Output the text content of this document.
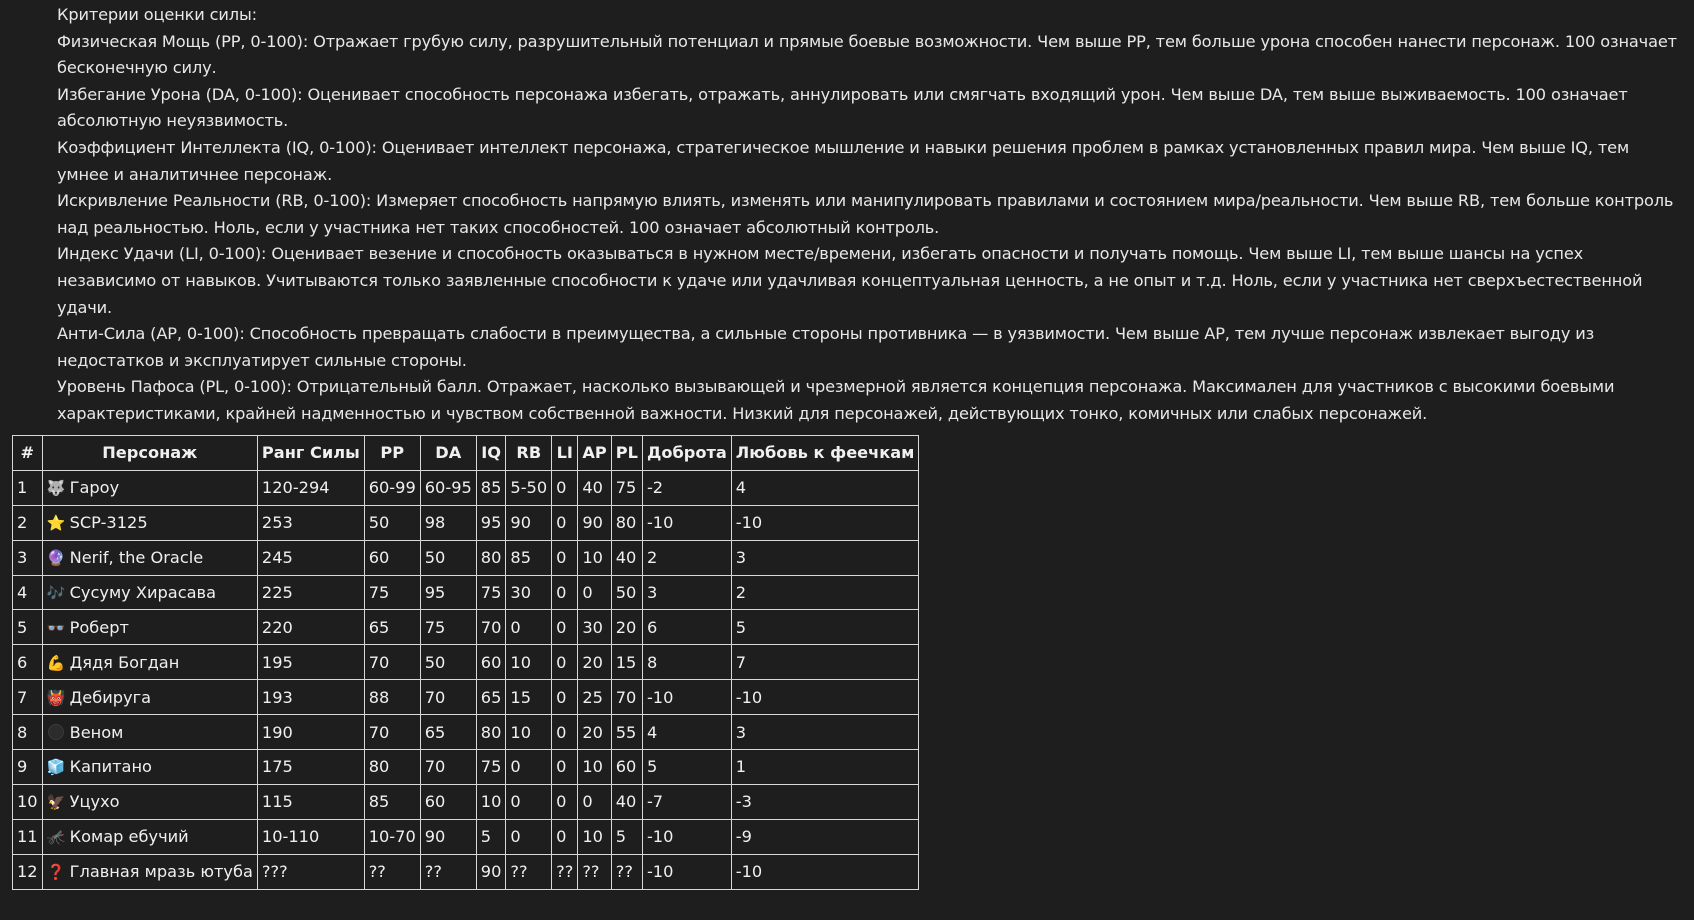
Критерии оценки силы:

Физическая Мощь (PP, 0-100): Отражает грубую силу, разрушительный потенциал и прямые боевые возможности. Чем выше PP, тем больше урона способен нанести персонаж. 100 означает бесконечную силу.

Избегание Урона (DA, 0-100): Оценивает способность персонажа избегать, отражать, аннулировать или смягчать входящий урон. Чем выше DA, тем выше выживаемость. 100 означает абсолютную неуязвимость.

Коэффициент Интеллекта (IQ, 0-100): Оценивает интеллект персонажа, стратегическое мышление и навыки решения проблем в рамках установленных правил мира. Чем выше IQ, тем умнее и аналитичнее персонаж.

Искривление Реальности (RB, 0-100): Измеряет способность напрямую влиять, изменять или манипулировать правилами и состоянием мира/реальности. Чем выше RB, тем больше контроль над реальностью. Ноль, если у участника нет таких способностей. 100 означает абсолютный контроль.

Индекс Удачи (LI, 0-100): Оценивает везение и способность оказываться в нужном месте/времени, избегать опасности и получать помощь. Чем выше LI, тем выше шансы на успех независимо от навыков. Учитываются только заявленные способности к удаче или удачливая концептуальная ценность, а не опыт и т.д. Ноль, если у участника нет сверхъестественной удачи.

Анти-Сила (AP, 0-100): Способность превращать слабости в преимущества, а сильные стороны противника — в уязвимости. Чем выше AP, тем лучше персонаж извлекает выгоду из недостатков и эксплуатирует сильные стороны.

Уровень Пафоса (PL, 0-100): Отрицательный балл. Отражает, насколько вызывающей и чрезмерной является концепция персонажа. Максимален для участников с высокими боевыми характеристиками, крайней надменностью и чувством собственной важности. Низкий для персонажей, действующих тонко, комичных или слабых персонажей.

#	Персонаж	Ранг Силы	PP	DA	IQ	RB	LI	AP	PL	Доброта	Любовь к феечкам
1	🐺 Гароу	120-294	60-99	60-95	85	5-50	0	40	75	-2	4
2	⭐ SCP-3125	253	50	98	95	90	0	90	80	-10	-10
3	🔮 Nerif, the Oracle	245	60	50	80	85	0	10	40	2	3
4	🎶 Сусуму Хирасава	225	75	95	75	30	0	0	50	3	2
5	👓 Роберт	220	65	75	70	0	0	30	20	6	5
6	💪 Дядя Богдан	195	70	50	60	10	0	20	15	8	7
7	👹 Дебируга	193	88	70	65	15	0	25	70	-10	-10
8	Веном	190	70	65	80	10	0	20	55	4	3
9	🧊 Капитано	175	80	70	75	0	0	10	60	5	1
10	🦅 Уцухо	115	85	60	10	0	0	0	40	-7	-3
11	🦟 Комар ебучий	10-110	10-70	90	5	0	0	10	5	-10	-9
12	❓ Главная мразь ютуба	???	??	??	90	??	??	??	??	-10	-10
